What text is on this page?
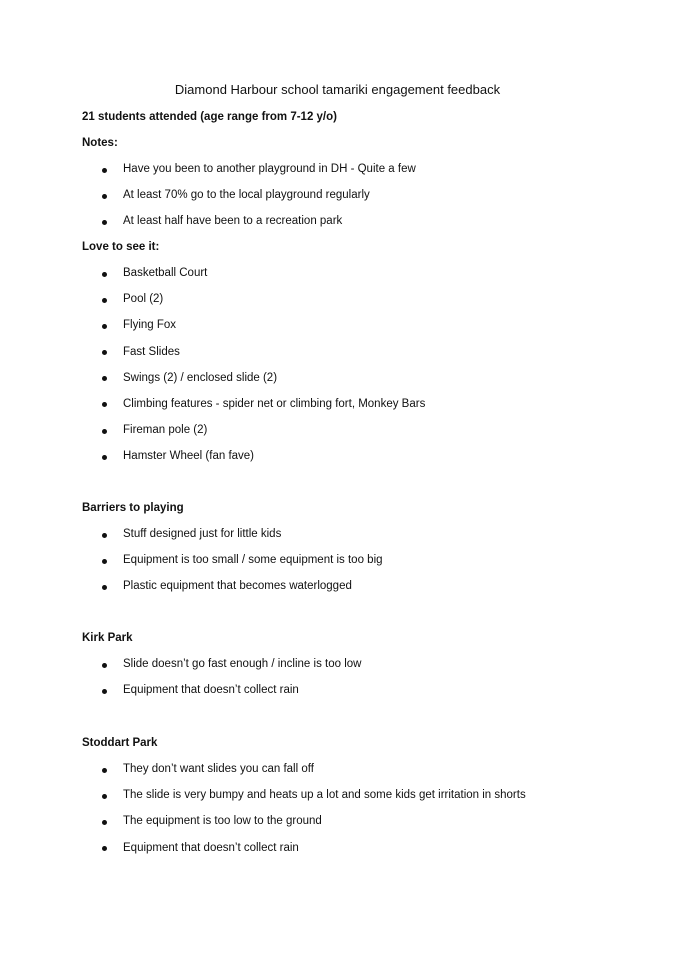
Diamond Harbour school tamariki engagement feedback

21 students attended (age range from 7-12 y/o)

Notes:

Have you been to another playground in DH - Quite a few
At least 70% go to the local playground regularly
At least half have been to a recreation park

Love to see it:

Basketball Court
Pool (2)
Flying Fox
Fast Slides
Swings (2) / enclosed slide (2)
Climbing features - spider net or climbing fort, Monkey Bars
Fireman pole (2)
Hamster Wheel (fan fave)

Barriers to playing

Stuff designed just for little kids
Equipment is too small / some equipment is too big
Plastic equipment that becomes waterlogged

Kirk Park

Slide doesn’t go fast enough / incline is too low
Equipment that doesn’t collect rain

Stoddart Park

They don’t want slides you can fall off
The slide is very bumpy and heats up a lot and some kids get irritation in shorts
The equipment is too low to the ground
Equipment that doesn’t collect rain
